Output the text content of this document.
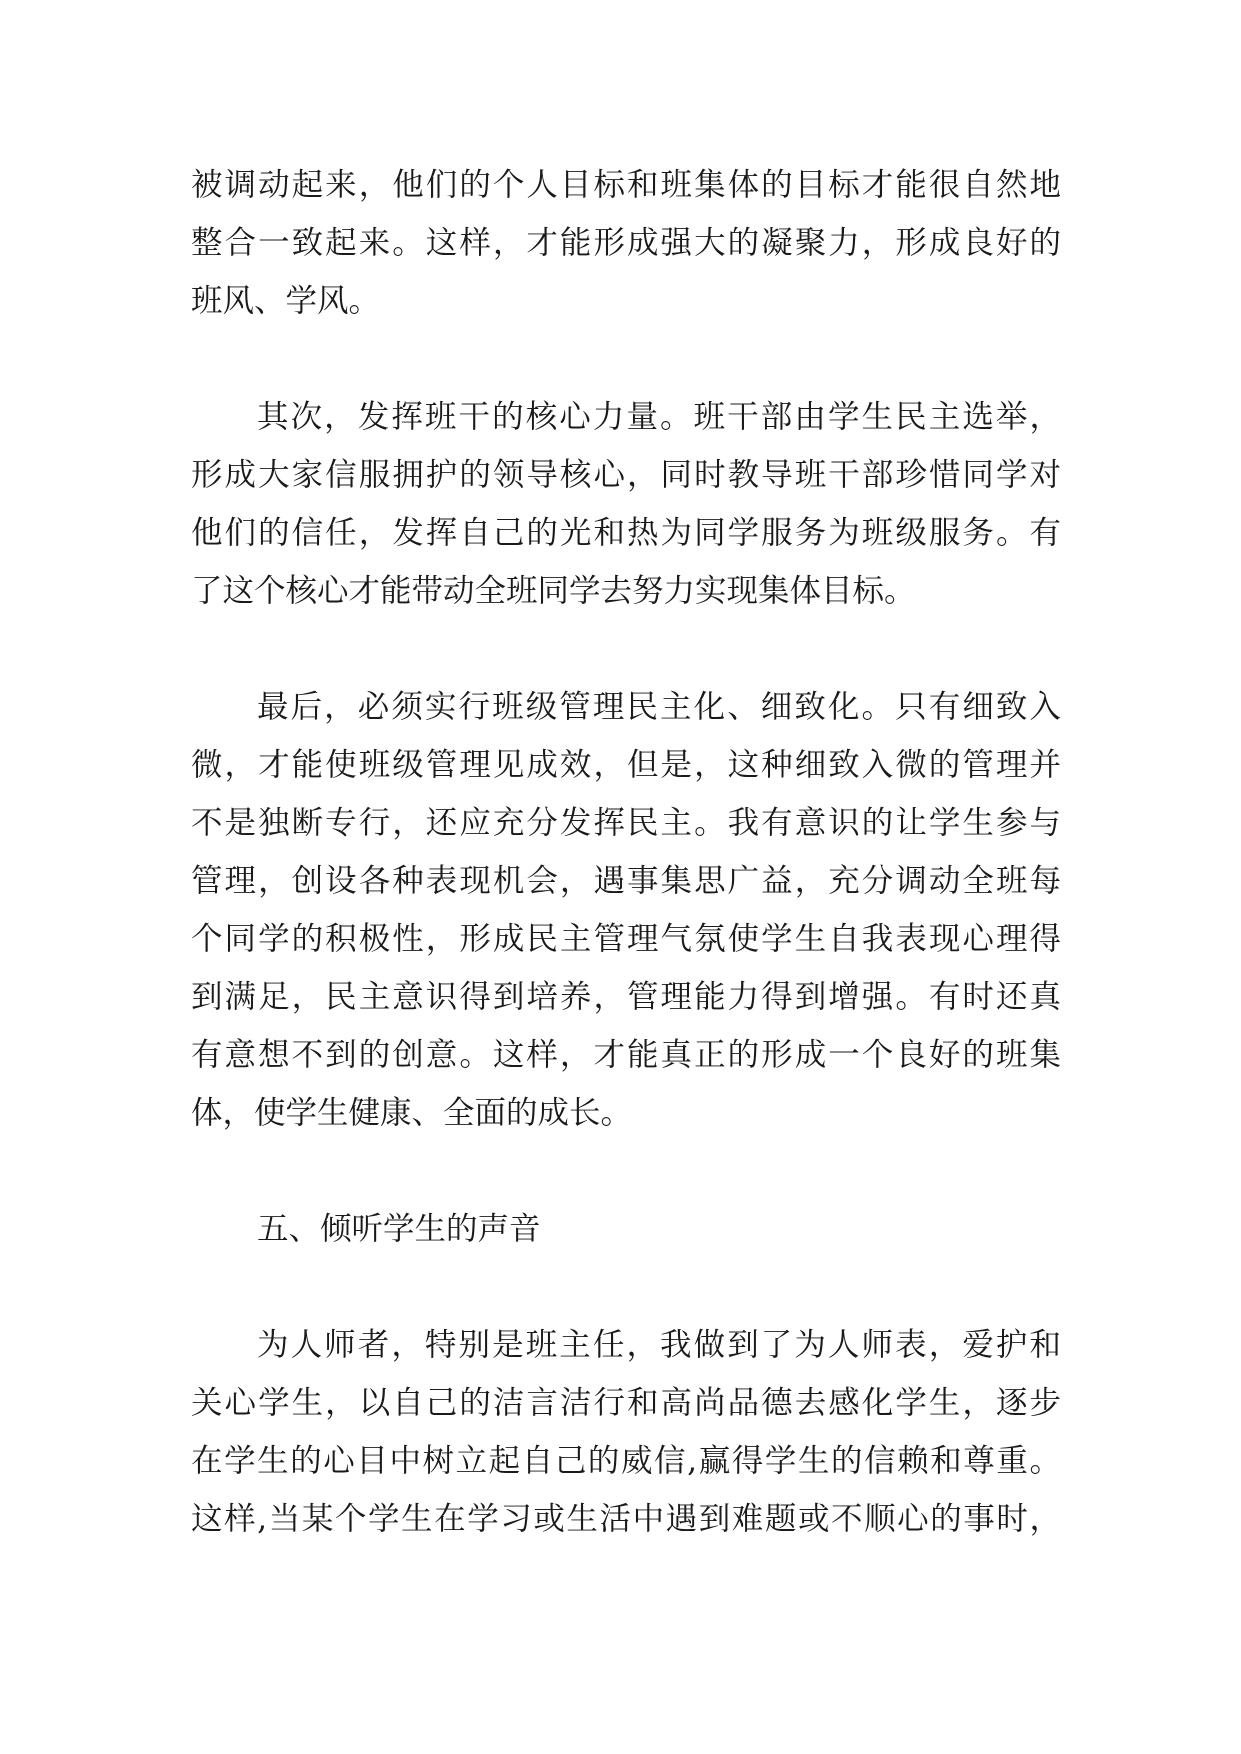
被调动起来，他们的个人目标和班集体的目标才能很自然地
整合一致起来。这样，才能形成强大的凝聚力，形成良好的
班风、学风。
其次，发挥班干的核心力量。班干部由学生民主选举，
形成大家信服拥护的领导核心，同时教导班干部珍惜同学对
他们的信任，发挥自己的光和热为同学服务为班级服务。有
了这个核心才能带动全班同学去努力实现集体目标。
最后，必须实行班级管理民主化、细致化。只有细致入
微，才能使班级管理见成效，但是，这种细致入微的管理并
不是独断专行，还应充分发挥民主。我有意识的让学生参与
管理，创设各种表现机会，遇事集思广益，充分调动全班每
个同学的积极性，形成民主管理气氛使学生自我表现心理得
到满足，民主意识得到培养，管理能力得到增强。有时还真
有意想不到的创意。这样，才能真正的形成一个良好的班集
体，使学生健康、全面的成长。
五、倾听学生的声音
为人师者，特别是班主任，我做到了为人师表，爱护和
关心学生，以自己的洁言洁行和高尚品德去感化学生，逐步
在学生的心目中树立起自己的威信,赢得学生的信赖和尊重。
这样,当某个学生在学习或生活中遇到难题或不顺心的事时，
